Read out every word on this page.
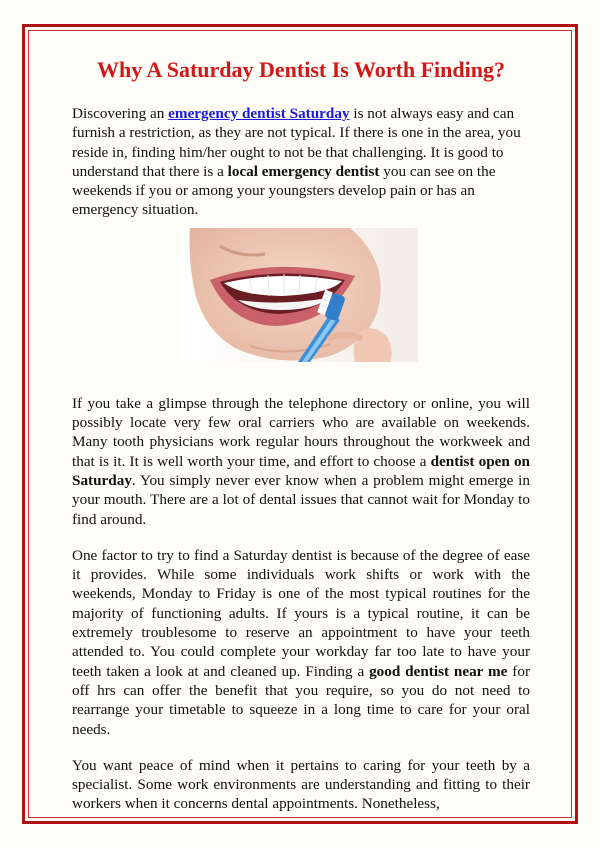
Why A Saturday Dentist Is Worth Finding?

Discovering an emergency dentist Saturday is not always easy and can furnish a restriction, as they are not typical. If there is one in the area, you reside in, finding him/her ought to not be that challenging. It is good to understand that there is a local emergency dentist you can see on the weekends if you or among your youngsters develop pain or has an emergency situation.

If you take a glimpse through the telephone directory or online, you will possibly locate very few oral carriers who are available on weekends. Many tooth physicians work regular hours throughout the workweek and that is it. It is well worth your time, and effort to choose a dentist open on Saturday. You simply never ever know when a problem might emerge in your mouth. There are a lot of dental issues that cannot wait for Monday to find around.

One factor to try to find a Saturday dentist is because of the degree of ease it provides. While some individuals work shifts or work with the weekends, Monday to Friday is one of the most typical routines for the majority of functioning adults. If yours is a typical routine, it can be extremely troublesome to reserve an appointment to have your teeth attended to. You could complete your workday far too late to have your teeth taken a look at and cleaned up. Finding a good dentist near me for off hrs can offer the benefit that you require, so you do not need to rearrange your timetable to squeeze in a long time to care for your oral needs.

You want peace of mind when it pertains to caring for your teeth by a specialist. Some work environments are understanding and fitting to their workers when it concerns dental appointments. Nonetheless,
